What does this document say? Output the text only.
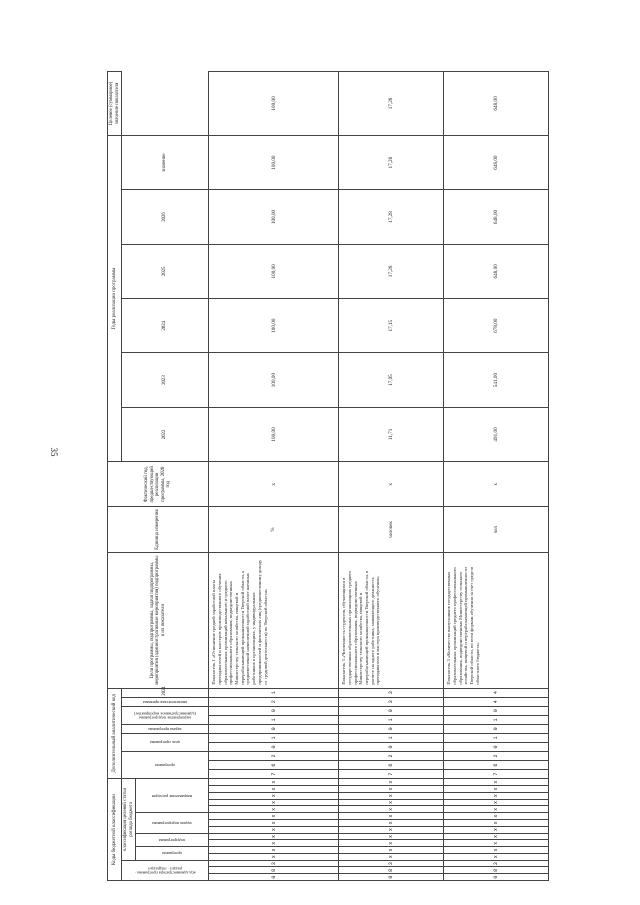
35
Коды бюджетной классификации															Дополнительный аналитический код										Цели программы, подпрограммы, задачи подпрограммы, мероприятия (административные мероприятия) подпрограммы и их показатели	Единица измерения	Фактический год, предшествующий реализации программы, 2020 год	Годы реализации программы						Целевое (суммарное) значение показателя

код администратора программы · раздел · подраздел			классификация целевой статьи расхода бюджета												программа			цель программы		задача программы	мероприятие подпрограммы (административное мероприятие)		аналитическая признака	2021				2022	2023	2024	2025	2026	значение	

			программа		подпрограмма		задача подпрограммы			направление расходов																								

0	8	3	x	x	x	x	x	x	x	x	x	x	x	x	7	6	2	0	1	0	1	0	2	1	Показатель 1 «Отношение средней заработной платы преподавателей и мастеров производственного обучения образовательных организаций начального и среднего профессионального образования, подведомственных Министерству сельского хозяйства, пищевой и перерабатывающей промышленности Тверской области, к среднемесячной начисленной заработной плате наемных работников в организациях, у индивидуальных предпринимателей и физических лиц (среднемесячному доходу от трудовой деятельности) по Тверской области»	%	x	100,00	100,00	100,00	100,00	100,00	100,00	100,00
0	8	3	x	x	x	x	x	x	x	x	x	x	x	x	7	6	2	0	1	0	1	0	3	3	Показатель 3 «Численность студентов, обучающихся в государственных образовательных организациях среднего профессионального образования, подведомственных Министерству сельского хозяйства, пищевой и перерабатывающей промышленности Тверской области, в расчете на одного работника, занимающего должность преподавателя и мастера производственного обучения»	человек	x	11,71	17,05	17,15	17,28	17,28	17,28	17,28
0	8	3	x	x	x	x	x	x	x	x	x	x	x	x	7	6	2	0	1	0	1	0	4	4	Показатель 3 «Количество выпускников государственных образовательных организаций среднего профессионального образования, подведомственных Министерству сельского хозяйства, пищевой и перерабатывающей промышленности Тверской области, по всем формам обучения за счет средств областного бюджета»	чел	x	491,00	541,00	678,00	648,00	648,00	648,00	648,00
